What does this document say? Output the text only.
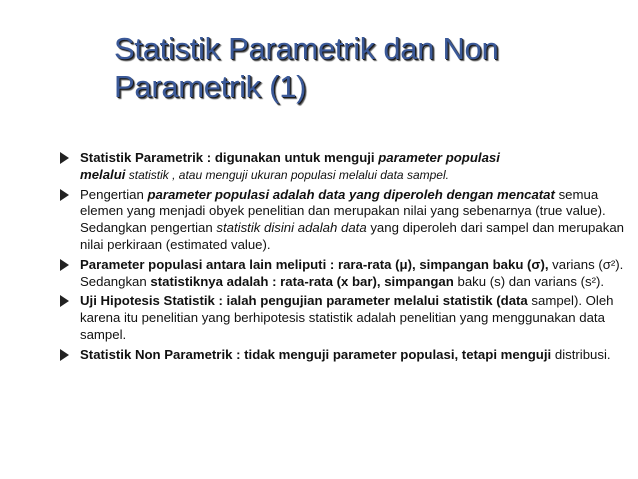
Statistik Parametrik dan Non
Parametrik (1)
Statistik Parametrik : digunakan untuk menguji parameter populasi
melalui statistik , atau menguji ukuran populasi melalui data sampel.
Pengertian parameter populasi adalah data yang diperoleh dengan mencatat semua elemen yang menjadi obyek penelitian dan merupakan nilai yang sebenarnya (true value). Sedangkan pengertian statistik disini adalah data yang diperoleh dari sampel dan merupakan nilai perkiraan (estimated value).
Parameter populasi antara lain meliputi : rara-rata (μ), simpangan baku (σ), varians (σ²). Sedangkan statistiknya adalah : rata-rata (x bar), simpangan baku (s) dan varians (s²).
Uji Hipotesis Statistik : ialah pengujian parameter melalui statistik (data sampel). Oleh karena itu penelitian yang berhipotesis statistik adalah penelitian yang menggunakan data sampel.
Statistik Non Parametrik : tidak menguji parameter populasi, tetapi menguji distribusi.
